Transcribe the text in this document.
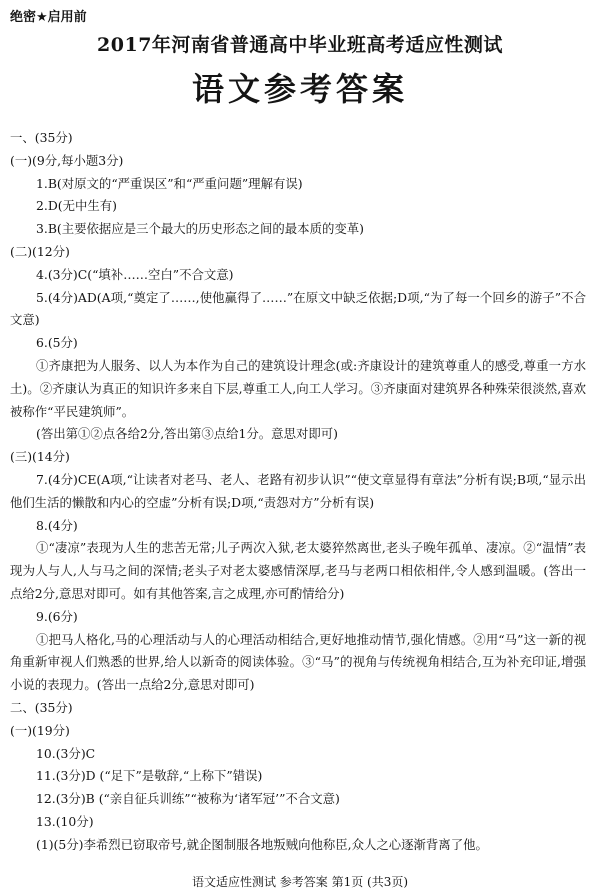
绝密★启用前
2017年河南省普通高中毕业班高考适应性测试
语文参考答案
一、(35分)
(一)(9分,每小题3分)
1.B(对原文的“严重误区”和“严重问题”理解有误)
2.D(无中生有)
3.B(主要依据应是三个最大的历史形态之间的最本质的变革)
(二)(12分)
4.(3分)C(“填补……空白”不合文意)
5.(4分)AD(A项,“奠定了……,使他赢得了……”在原文中缺乏依据;D项,“为了每一个回乡的游子”不合文意)
6.(5分)
①齐康把为人服务、以人为本作为自己的建筑设计理念(或:齐康设计的建筑尊重人的感受,尊重一方水土)。②齐康认为真正的知识许多来自下层,尊重工人,向工人学习。③齐康面对建筑界各种殊荣很淡然,喜欢被称作“平民建筑师”。
(答出第①②点各给2分,答出第③点给1分。意思对即可)
(三)(14分)
7.(4分)CE(A项,“让读者对老马、老人、老路有初步认识”“使文章显得有章法”分析有误;B项,“显示出他们生活的懒散和内心的空虚”分析有误;D项,“责怨对方”分析有误)
8.(4分)
①“凄凉”表现为人生的悲苦无常;儿子两次入狱,老太婆猝然离世,老头子晚年孤单、凄凉。②“温情”表现为人与人,人与马之间的深情;老头子对老太婆感情深厚,老马与老两口相依相伴,令人感到温暖。(答出一点给2分,意思对即可。如有其他答案,言之成理,亦可酌情给分)
9.(6分)
①把马人格化,马的心理活动与人的心理活动相结合,更好地推动情节,强化情感。②用“马”这一新的视角重新审视人们熟悉的世界,给人以新奇的阅读体验。③“马”的视角与传统视角相结合,互为补充印证,增强小说的表现力。(答出一点给2分,意思对即可)
二、(35分)
(一)(19分)
10.(3分)C
11.(3分)D (“足下”是敬辞,“上称下”错误)
12.(3分)B (“亲自征兵训练”“被称为‘诸军冠’”不合文意)
13.(10分)
(1)(5分)李希烈已窃取帝号,就企图制服各地叛贼向他称臣,众人之心逐渐背离了他。
语文适应性测试 参考答案 第1页 (共3页)
